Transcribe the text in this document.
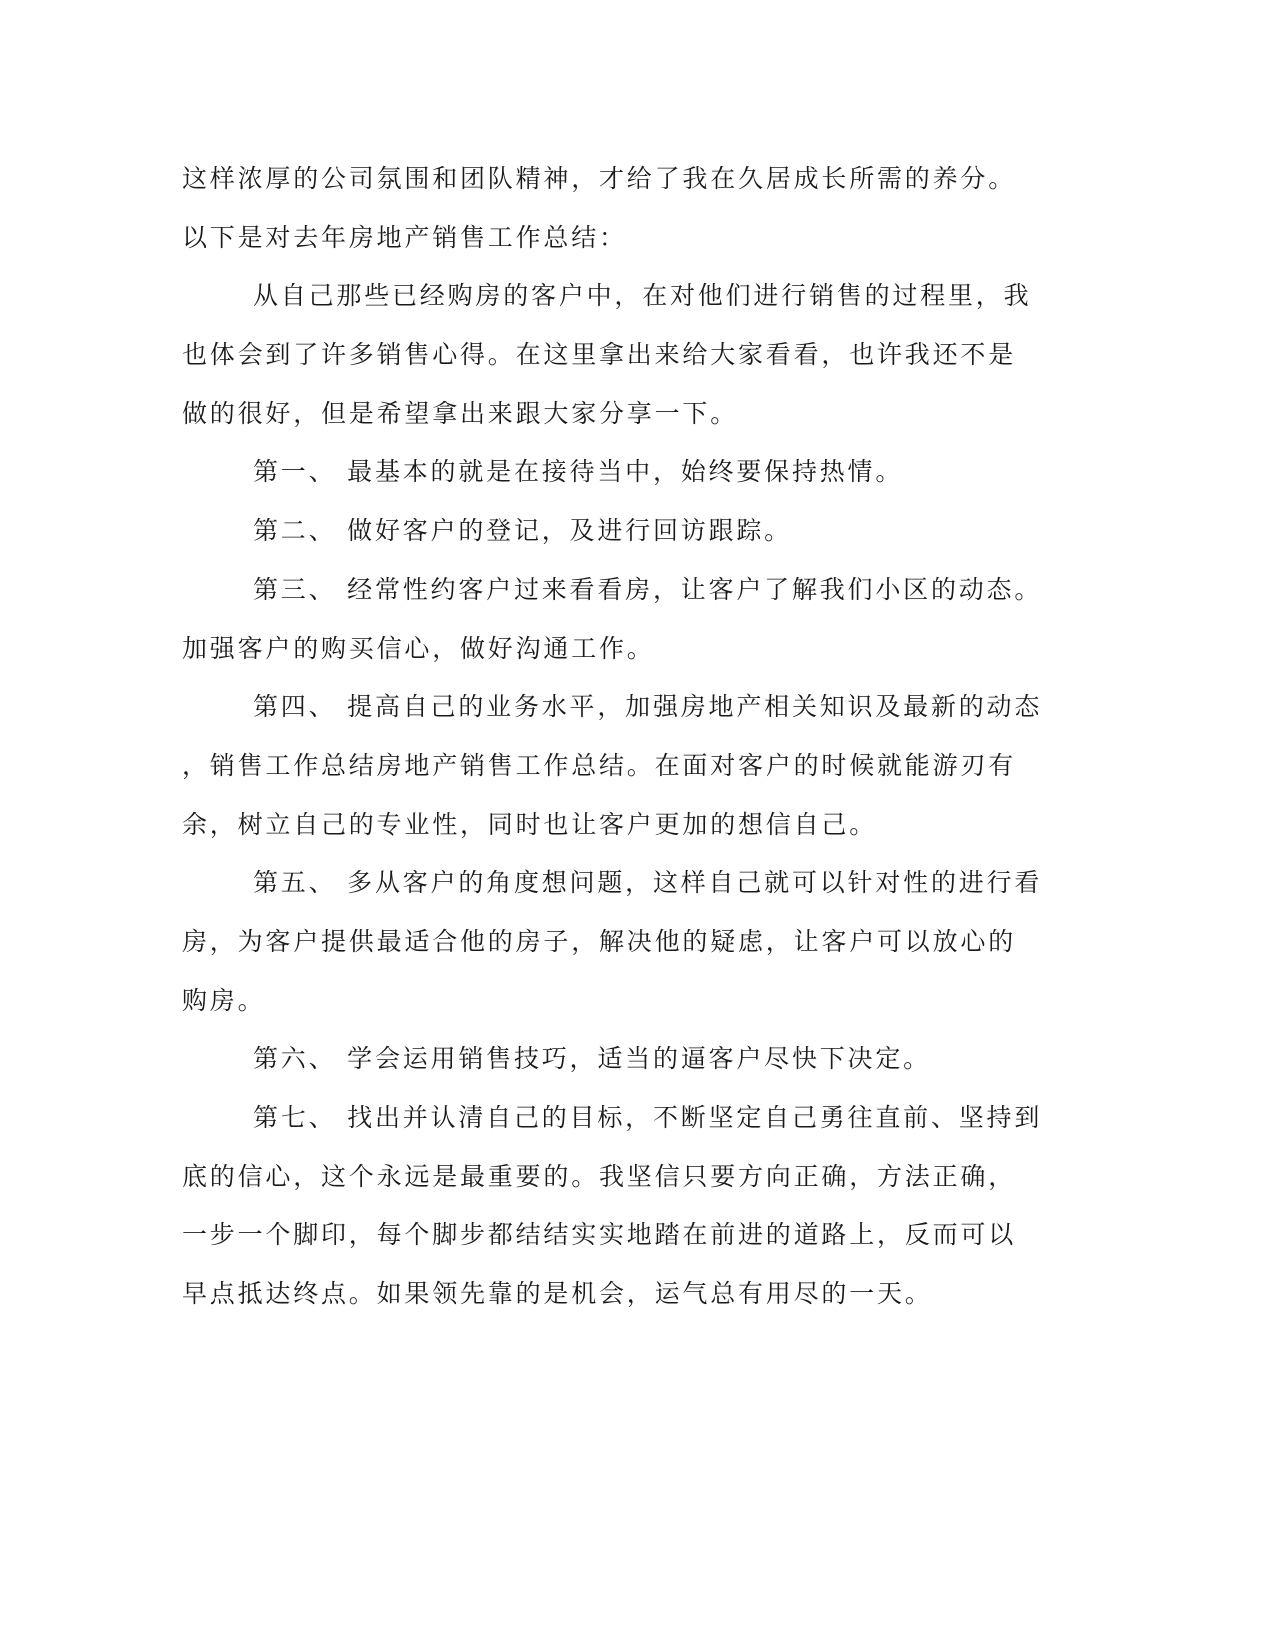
这样浓厚的公司氛围和团队精神，才给了我在久居成长所需的养分。
以下是对去年房地产销售工作总结：
从自己那些已经购房的客户中，在对他们进行销售的过程里，我
也体会到了许多销售心得。在这里拿出来给大家看看，也许我还不是
做的很好，但是希望拿出来跟大家分享一下。
第一、 最基本的就是在接待当中，始终要保持热情。
第二、 做好客户的登记，及进行回访跟踪。
第三、 经常性约客户过来看看房，让客户了解我们小区的动态。
加强客户的购买信心，做好沟通工作。
第四、 提高自己的业务水平，加强房地产相关知识及最新的动态
，销售工作总结房地产销售工作总结。在面对客户的时候就能游刃有
余，树立自己的专业性，同时也让客户更加的想信自己。
第五、 多从客户的角度想问题，这样自己就可以针对性的进行看
房，为客户提供最适合他的房子，解决他的疑虑，让客户可以放心的
购房。
第六、 学会运用销售技巧，适当的逼客户尽快下决定。
第七、 找出并认清自己的目标，不断坚定自己勇往直前、坚持到
底的信心，这个永远是最重要的。我坚信只要方向正确，方法正确，
一步一个脚印，每个脚步都结结实实地踏在前进的道路上，反而可以
早点抵达终点。如果领先靠的是机会，运气总有用尽的一天。
